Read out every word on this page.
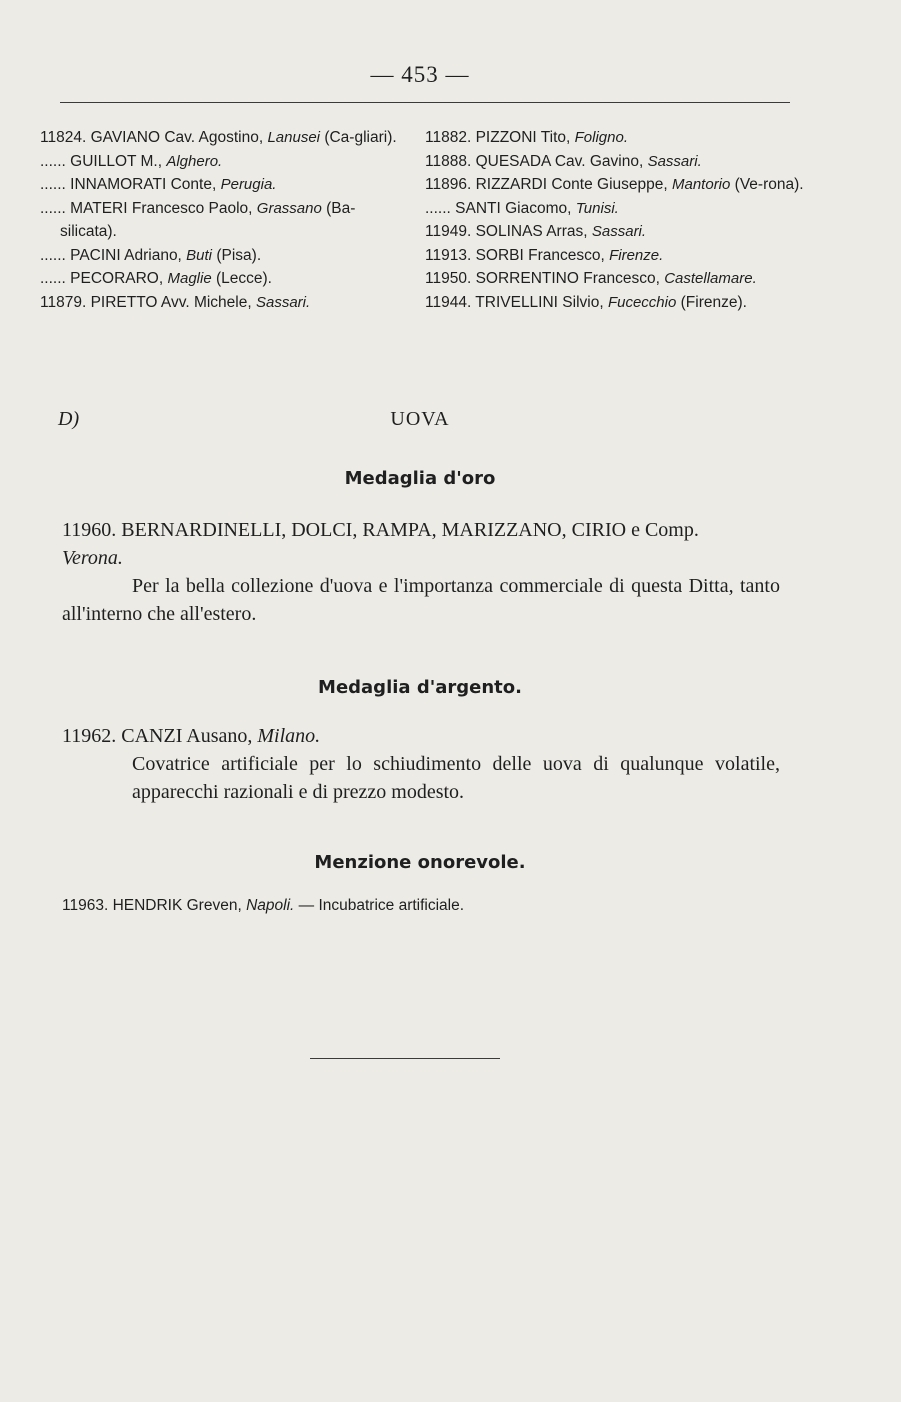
— 453 —
11824. GAVIANO Cav. Agostino, Lanusei (Ca-gliari).
...... GUILLOT M., Alghero.
...... INNAMORATI Conte, Perugia.
...... MATERI Francesco Paolo, Grassano (Ba-silicata).
...... PACINI Adriano, Buti (Pisa).
...... PECORARO, Maglie (Lecce).
11879. PIRETTO Avv. Michele, Sassari.
11882. PIZZONI Tito, Foligno.
11888. QUESADA Cav. Gavino, Sassari.
11896. RIZZARDI Conte Giuseppe, Mantorio (Ve-rona).
...... SANTI Giacomo, Tunisi.
11949. SOLINAS Arras, Sassari.
11913. SORBI Francesco, Firenze.
11950. SORRENTINO Francesco, Castellamare.
11944. TRIVELLINI Silvio, Fucecchio (Firenze).
D)	UOVA
Medaglia d'oro
11960. BERNARDINELLI, DOLCI, RAMPA, MARIZZANO, CIRIO e Comp.
Verona.
Per la bella collezione d'uova e l'importanza commerciale di questa Ditta, tanto all'interno che all'estero.
Medaglia d'argento.
11962. CANZI Ausano, Milano.
Covatrice artificiale per lo schiudimento delle uova di qualunque volatile, apparecchi razionali e di prezzo modesto.
Menzione onorevole.
11963. HENDRIK Greven, Napoli. — Incubatrice artificiale.
